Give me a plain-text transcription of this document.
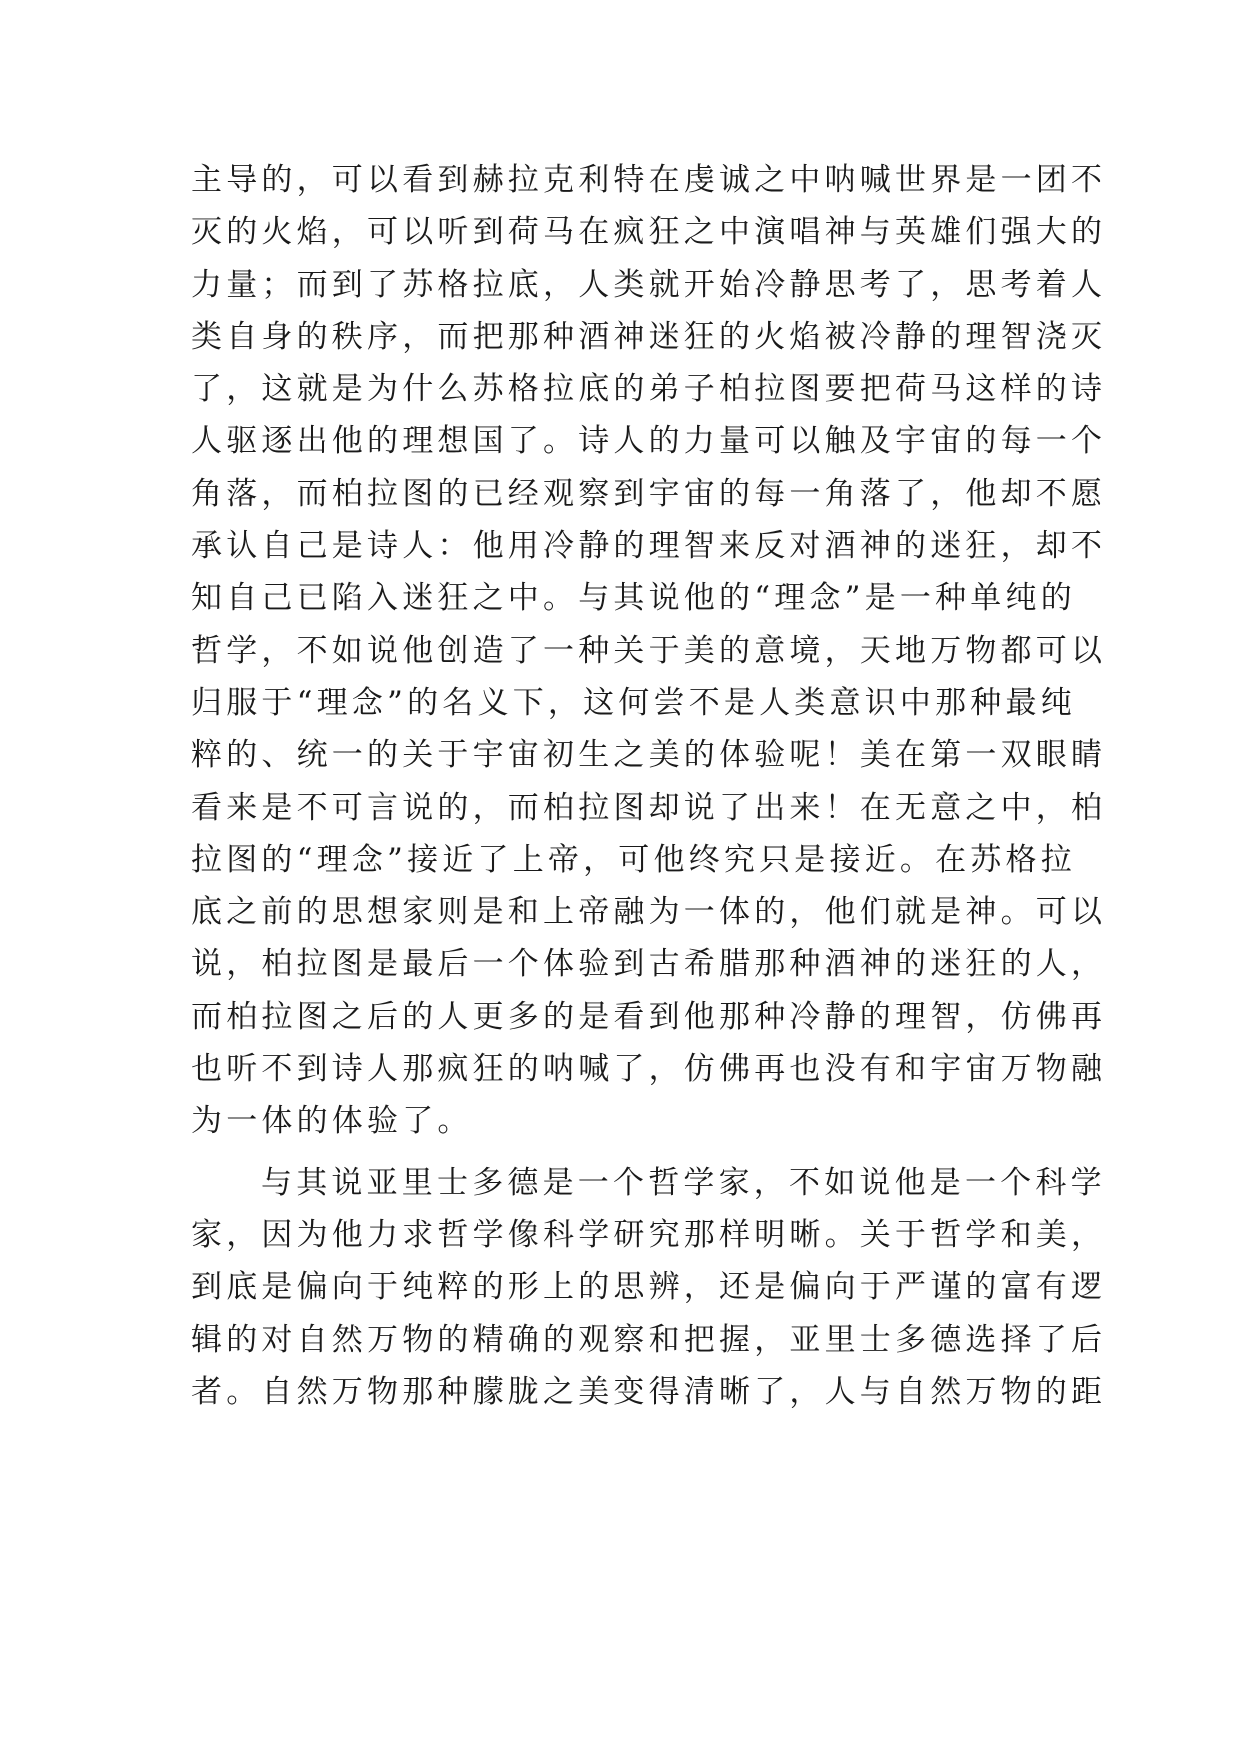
主导的，可以看到赫拉克利特在虔诚之中呐喊世界是一团不
灭的火焰，可以听到荷马在疯狂之中演唱神与英雄们强大的
力量；而到了苏格拉底，人类就开始冷静思考了，思考着人
类自身的秩序，而把那种酒神迷狂的火焰被冷静的理智浇灭
了，这就是为什么苏格拉底的弟子柏拉图要把荷马这样的诗
人驱逐出他的理想国了。诗人的力量可以触及宇宙的每一个
角落，而柏拉图的已经观察到宇宙的每一角落了，他却不愿
承认自己是诗人：他用冷静的理智来反对酒神的迷狂，却不
知自己已陷入迷狂之中。与其说他的“理念”是一种单纯的
哲学，不如说他创造了一种关于美的意境，天地万物都可以
归服于“理念”的名义下，这何尝不是人类意识中那种最纯
粹的、统一的关于宇宙初生之美的体验呢！美在第一双眼睛
看来是不可言说的，而柏拉图却说了出来！在无意之中，柏
拉图的“理念”接近了上帝，可他终究只是接近。在苏格拉
底之前的思想家则是和上帝融为一体的，他们就是神。可以
说，柏拉图是最后一个体验到古希腊那种酒神的迷狂的人，
而柏拉图之后的人更多的是看到他那种冷静的理智，仿佛再
也听不到诗人那疯狂的呐喊了，仿佛再也没有和宇宙万物融
为一体的体验了。
与其说亚里士多德是一个哲学家，不如说他是一个科学
家，因为他力求哲学像科学研究那样明晰。关于哲学和美，
到底是偏向于纯粹的形上的思辨，还是偏向于严谨的富有逻
辑的对自然万物的精确的观察和把握，亚里士多德选择了后
者。自然万物那种朦胧之美变得清晰了，人与自然万物的距
